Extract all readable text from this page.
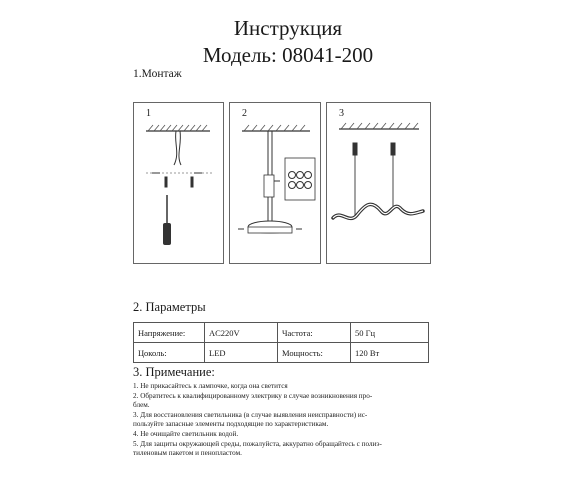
Инструкция
Модель: 08041-200
1.Монтаж
1	2	3
2. Параметры
Напряжение:	AC220V	Частота:	50 Гц
Цоколь:	LED	Мощность:	120 Вт
3. Примечание:
1. Не прикасайтесь к лампочке, когда она светится
2. Обратитесь к квалифицированному электрику в случае возникновения про-
блем.
3. Для восстановления светильника (в случае выявления неисправности) ис-
пользуйте запасные элементы подходящие по характеристикам.
4. Не очищайте светильник водой.
5. Для защиты окружающей среды, пожалуйста, аккуратно обращайтесь с полиэ-
тиленовым пакетом и пенопластом.
